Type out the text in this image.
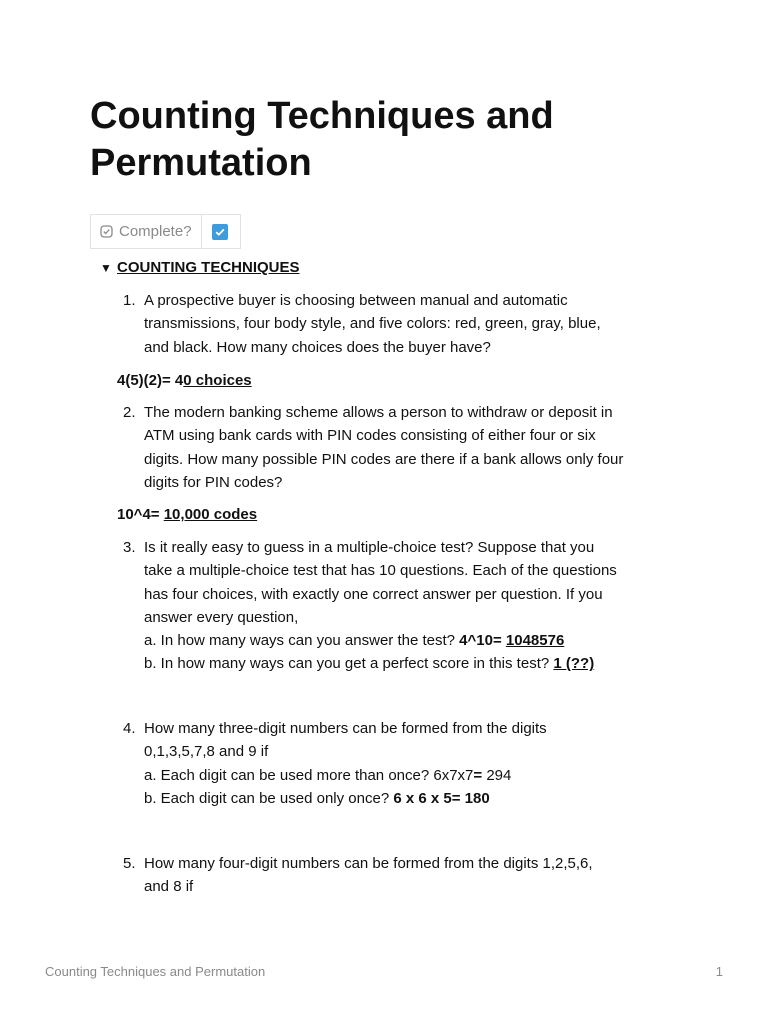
Counting Techniques and Permutation
Complete?
▼ COUNTING TECHNIQUES
1. A prospective buyer is choosing between manual and automatic
transmissions, four body style, and five colors: red, green, gray, blue,
and black. How many choices does the buyer have?
4(5)(2)= 40 choices
2. The modern banking scheme allows a person to withdraw or deposit in
ATM using bank cards with PIN codes consisting of either four or six
digits. How many possible PIN codes are there if a bank allows only four
digits for PIN codes?
10^4= 10,000 codes
3. Is it really easy to guess in a multiple-choice test? Suppose that you
take a multiple-choice test that has 10 questions. Each of the questions
has four choices, with exactly one correct answer per question. If you
answer every question,
a. In how many ways can you answer the test? 4^10= 1048576
b. In how many ways can you get a perfect score in this test? 1 (??)
4. How many three-digit numbers can be formed from the digits
0,1,3,5,7,8 and 9 if
a. Each digit can be used more than once? 6x7x7= 294
b. Each digit can be used only once? 6 x 6 x 5= 180
5. How many four-digit numbers can be formed from the digits 1,2,5,6,
and 8 if
Counting Techniques and Permutation	1
